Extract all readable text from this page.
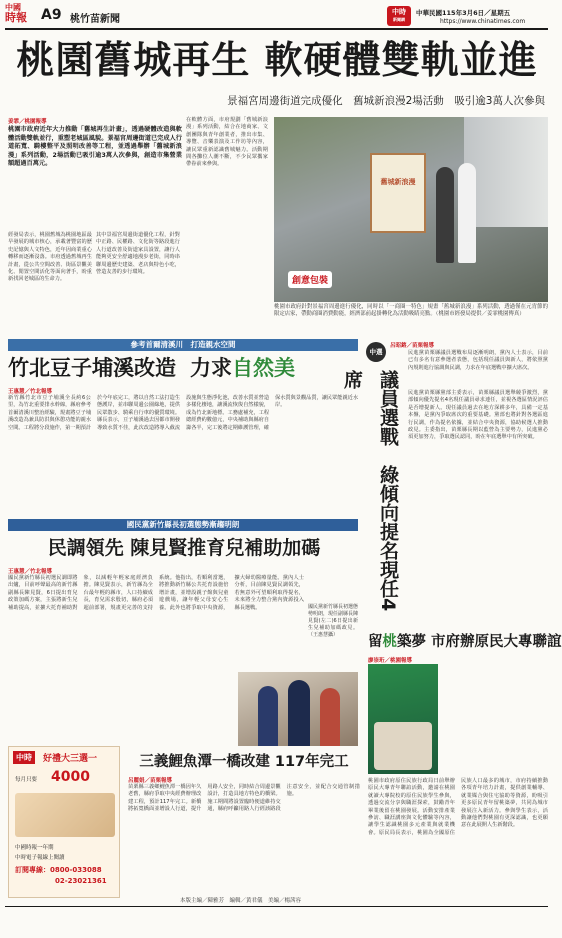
中國
時報	A9 桃竹苗新聞
中時
新聞網
中華民國115年3月6日／星期五
https://www.chinatimes.com
桃園舊城再生 軟硬體雙軌並進
景福宮周邊街道完成優化　舊城新浪漫2場活動　吸引逾3萬人次參與
姜霏／桃園報導
桃園市政府近年大力推動「舊城再生計畫」，透過硬體改造與軟體活動雙軌並行，重塑老城區風貌。景福宮周邊街道已完成人行道拓寬、騎樓整平及照明改善等工程，並透過舉辦「舊城新浪漫」系列活動，2場活動已吸引逾3萬人次參與，創造市集營業額超過百萬元。
經發局表示，桃園舊城為桃園地區最早發展的城市核心，承載著豐富的歷史記憶與人文特色，近年因商業重心轉移而逐漸沒落。市府透過舊城再生計畫，從公共空間改善、街區景觀美化、閒置空間活化等面向著手，盼重新找回老城區的生命力。
其中景福宮周邊街道優化工程，針對中正路、民權路、文化街等路段進行人行道改善及街道家具設置，讓行人能夠更安全舒適地漫步老街，同時串聯周邊歷史建築、老店與特色小吃，營造友善的步行環境。
在軟體方面，市府規劃「舊城新浪漫」系列活動，結合在地商家、文創團隊與青年創業者，推出市集、導覽、音樂表演及工作坊等內容，讓民眾重新認識舊城魅力。活動期間各攤位人潮不斷，不少民眾攜家帶眷前來參與。
舊城新浪漫
創意包裝
桃園市政府針對景福宮周邊進行優化，同時以「一商圈一特色」規畫「舊城新浪漫」系列活動，透過僅在元宵節的限定店家，帶動商圈消費動能，經濟部前起掛轉化為活動吸睛亮點。（桃園市經發局提供／姜霏桃園傳真）
參考首爾清溪川　打造親水空間
竹北豆子埔溪改造 力求自然美
王惠慧／竹北報導
新竹縣竹北市豆子埔溪全長約6公里，為竹北重要排水幹線，縣府參考首爾清溪川整治經驗，規畫將豆子埔溪改造為兼具防洪與休憩功能的親水空間。工程將分段施作，第一期預計於今年底完工，將以自然工法打造生態護岸，並串聯周邊公園綠地，提供民眾散步、騎乘自行車的優質環境。縣長表示，豆子埔溪過去因都市開發導致水質不佳，此次改造將導入截流設施與生態淨化池，改善水質並營造多樣化棲地，讓溪流恢復自然樣貌，成為竹北新地標。工務處補充，工程總經費約數億元，中央補助與縣府自籌各半，完工後將定期維護管理，確保水質與景觀品質，讓民眾能親近水岸。
國民黨新竹縣長初選態勢漸趨明朗
民調領先 陳見賢推育兒補助加碼
王惠慧／竹北報導
國民黨新竹縣長初選民調即將出爐，目前呼聲最高的新竹縣副縣長陳見賢，6日提出育兒政策加碼方案，主張將新生兒補助提高，並擴大托育補助對象，以減輕年輕家庭經濟負擔。陳見賢表示，新竹縣為全台最年輕的縣市，人口持續成長，育兒需求殷切，縣府必須超前部署，規畫更完善的支持系統。他指出，若順利當選，將推動新竹縣公共托育設施倍增計畫，並增設親子館與兒童遊戲場，讓年輕父母安心生養。此外也將爭取中央資源，擴大婦幼醫療量能。黨內人士分析，目前陳見賢民調領先，若無意外可望順利取得提名，未來將全力整合黨內資源投入縣長選戰。	國民黨新竹縣長初選態勢明朗，現任副縣長陳見賢(左二)6日提出新生兒補助加碼政見。（王惠慧攝）
中時	好禮大三選一
每月只要 4000
中國時報一年期
中時電子報線上閱讀
訂閱專線：0800-033088
02-23021361
三義鯉魚潭一橋改建 117年完工
呂麗娟／苗栗報導
苗栗縣三義鄉鯉魚潭一橋因年久老舊，縣府爭取中央經費辦理改建工程，預計117年完工。新橋將拓寬橋面並增設人行道，提升用路人安全，同時結合周邊景觀設計，打造具地方特色的橋梁。施工期間將設置臨時便道維持交通，縣府呼籲用路人行經該路段注意安全，並配合交通管制措施。
本版主編／陳雅芳　編輯／黃君儀　美編／楊茜容
呂昭鎔／苗栗報導
中選
議員選戰　綠傾向提名現任4席
民進黨苗栗縣議員選戰布局逐漸明朗，黨內人士表示，目前已有多名有意參選者表態，包括現任議員與新人，將依照黨內規則進行協調與民調，力求在年底選戰中擴大席次。
民進黨苗栗縣黨部主委表示，苗栗縣議員選舉競爭激烈，黨部傾向優先提名4名現任議員尋求連任，並視各選區情況評估是否增提新人。現任議員過去在地方深耕多年，具備一定基本盤，是黨內爭取席次的重要基礎。黨部也將針對各選區進行民調，作為提名依據，並結合中央資源，協助候選人推動政見。主委指出，苗栗縣長期以藍營為主要勢力，民進黨必須更加努力，爭取選民認同，盼在年底選舉中有所突破。
留桃築夢 市府辦原民大專聯誼
廖崇珩／桃園報導
桃園市政府原住民族行政局日前舉辦原民大專青年聯誼活動，邀請在桃園就讀大專院校的原住民族學生參與，透過交流分享與職涯探索，鼓勵青年畢業後留在桃園發展。活動安排產業參訪、職涯講座與文化體驗等內容，讓學生認識桃園多元產業與就業機會。原民局長表示，桃園為全國原住民族人口最多的城市，市府持續推動各項青年培力計畫，提供創業輔導、就業媒合與住宅協助等資源，盼吸引更多原民青年留桃築夢，共同為城市發展注入新活力。參與學生表示，活動讓他們對桃園有更深認識，也更願意在此展開人生新階段。
